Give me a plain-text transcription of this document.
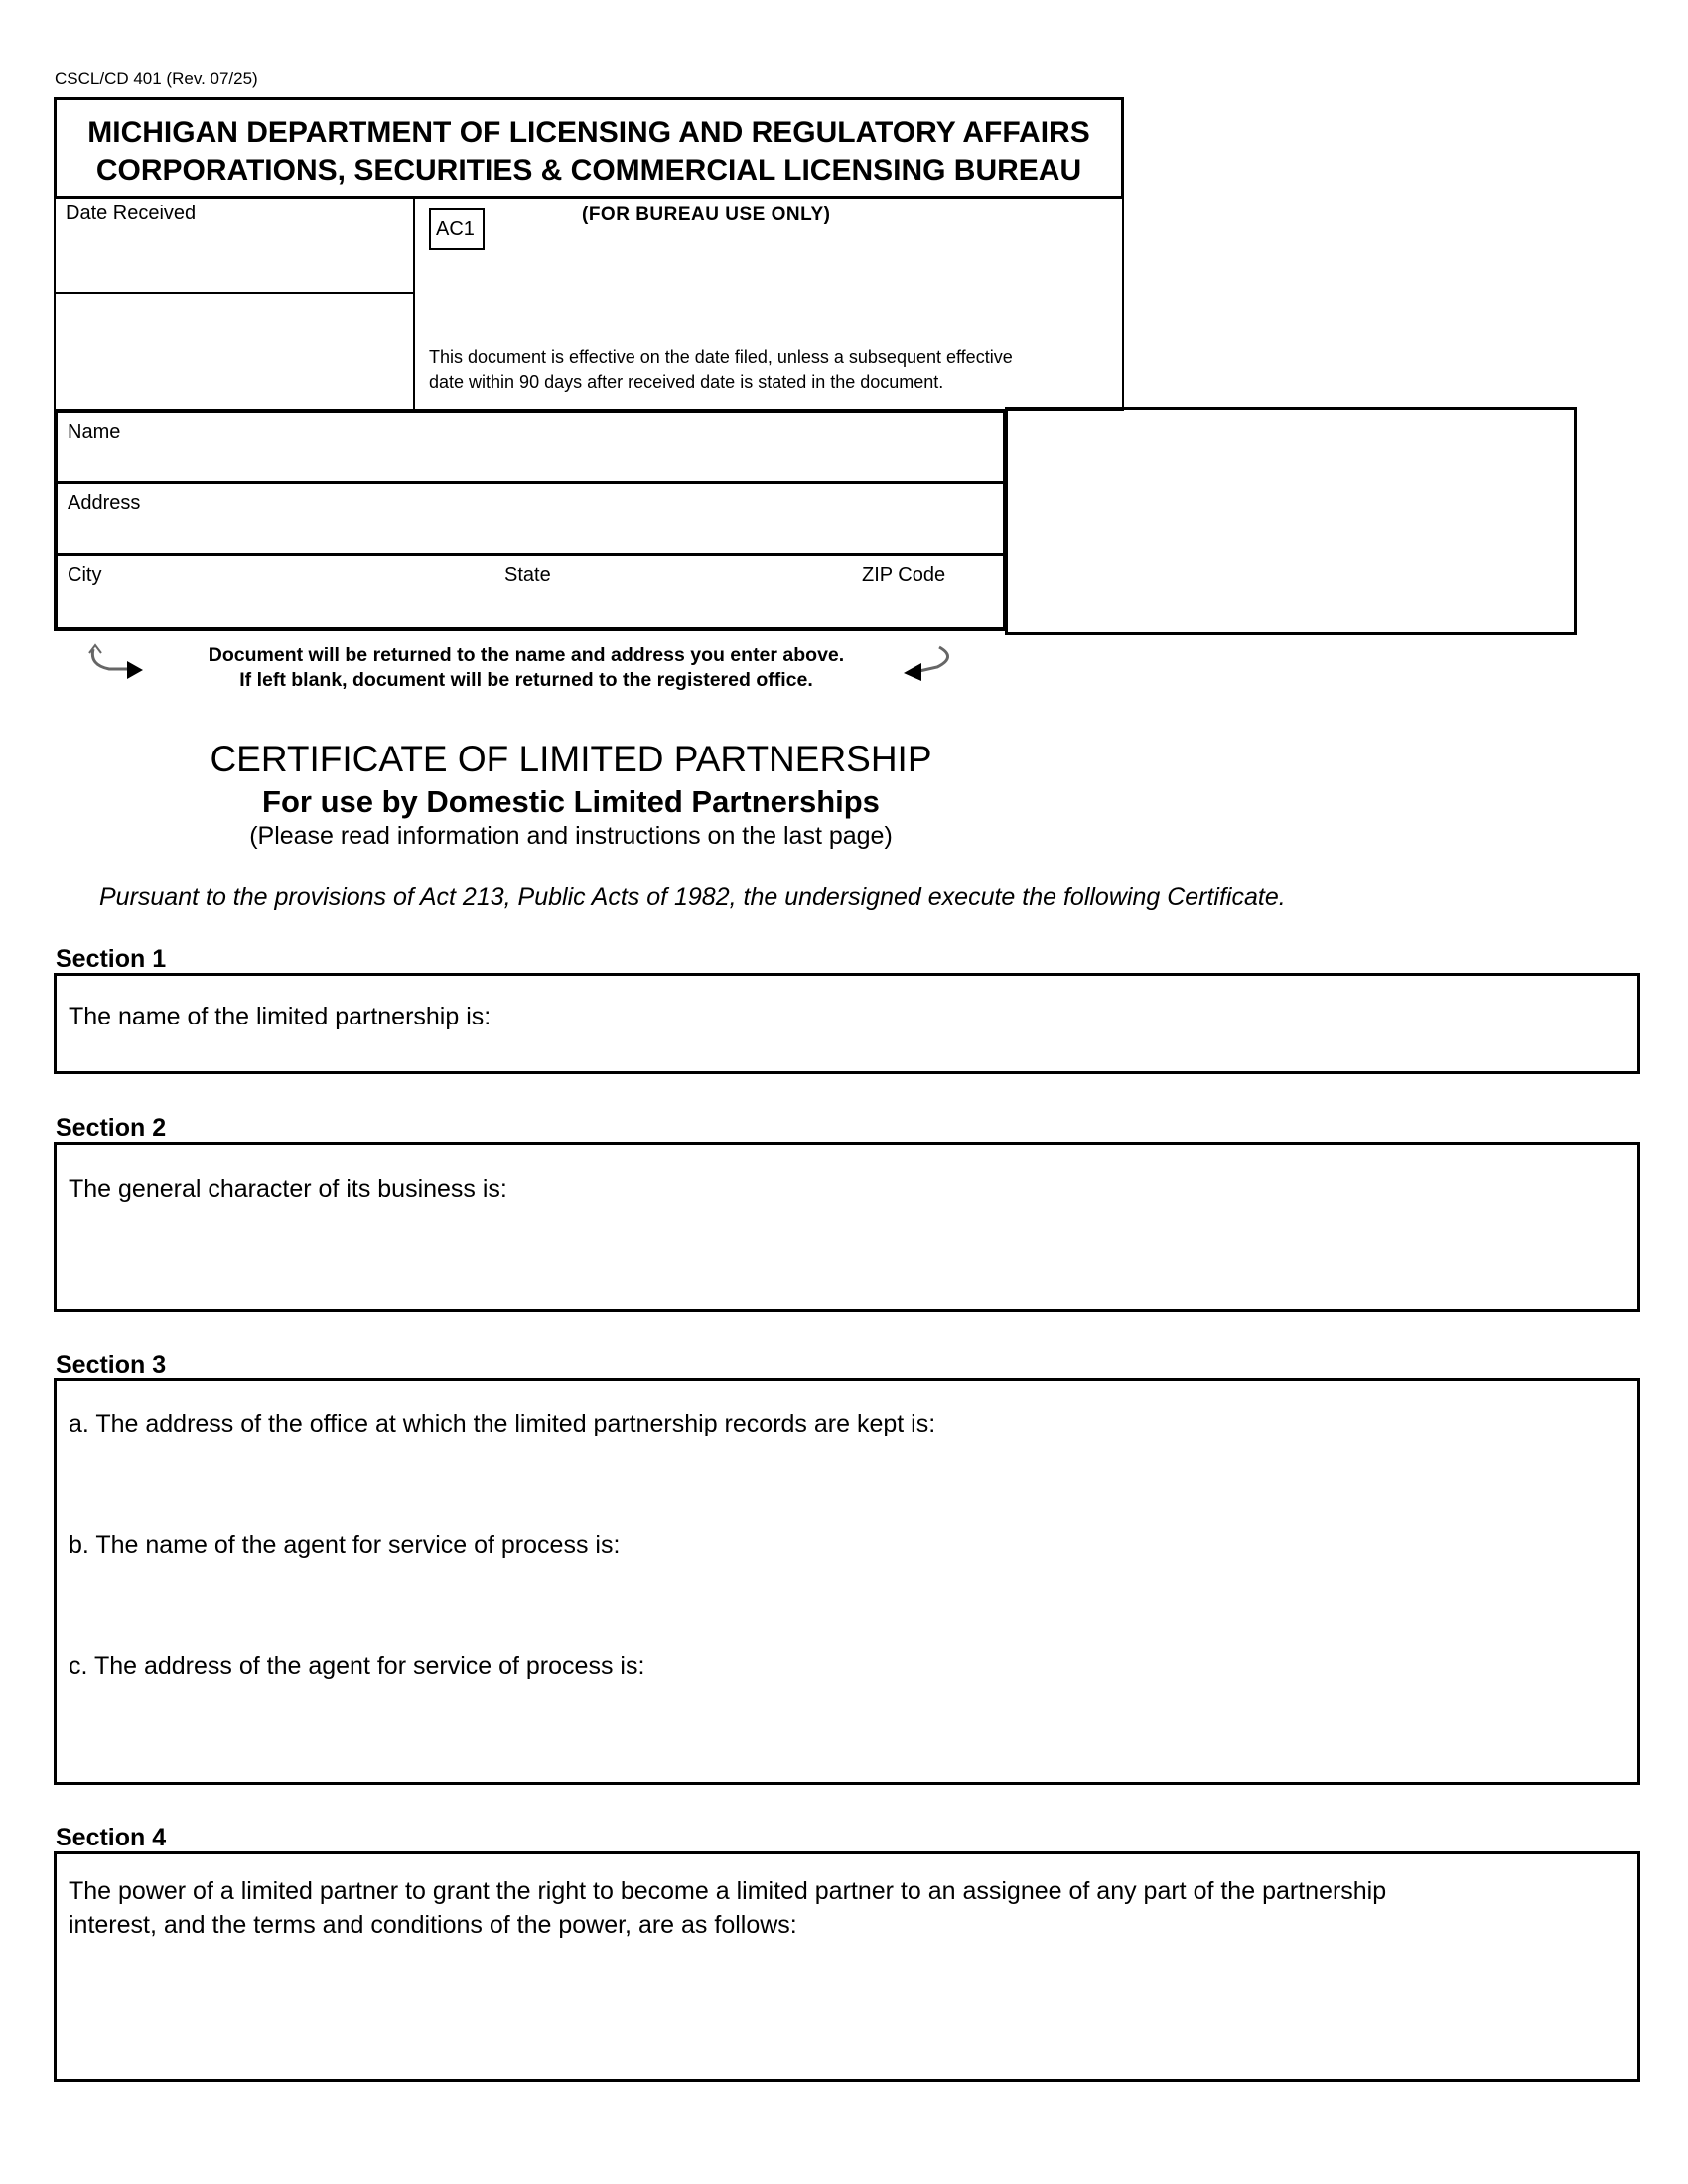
CSCL/CD 401 (Rev. 07/25)
MICHIGAN DEPARTMENT OF LICENSING AND REGULATORY AFFAIRS
CORPORATIONS, SECURITIES & COMMERCIAL LICENSING BUREAU
Date Received
AC1
(FOR BUREAU USE ONLY)
This document is effective on the date filed, unless a subsequent effective
date within 90 days after received date is stated in the document.
Name
Address
City	State	ZIP Code
Document will be returned to the name and address you enter above.
If left blank, document will be returned to the registered office.
CERTIFICATE OF LIMITED PARTNERSHIP
For use by Domestic Limited Partnerships
(Please read information and instructions on the last page)
Pursuant to the provisions of Act 213, Public Acts of 1982, the undersigned execute the following Certificate.
Section 1
The name of the limited partnership is:
Section 2
The general character of its business is:
Section 3
a. The address of the office at which the limited partnership records are kept is:
b. The name of the agent for service of process is:
c. The address of the agent for service of process is:
Section 4
The power of a limited partner to grant the right to become a limited partner to an assignee of any part of the partnership
interest, and the terms and conditions of the power, are as follows:
